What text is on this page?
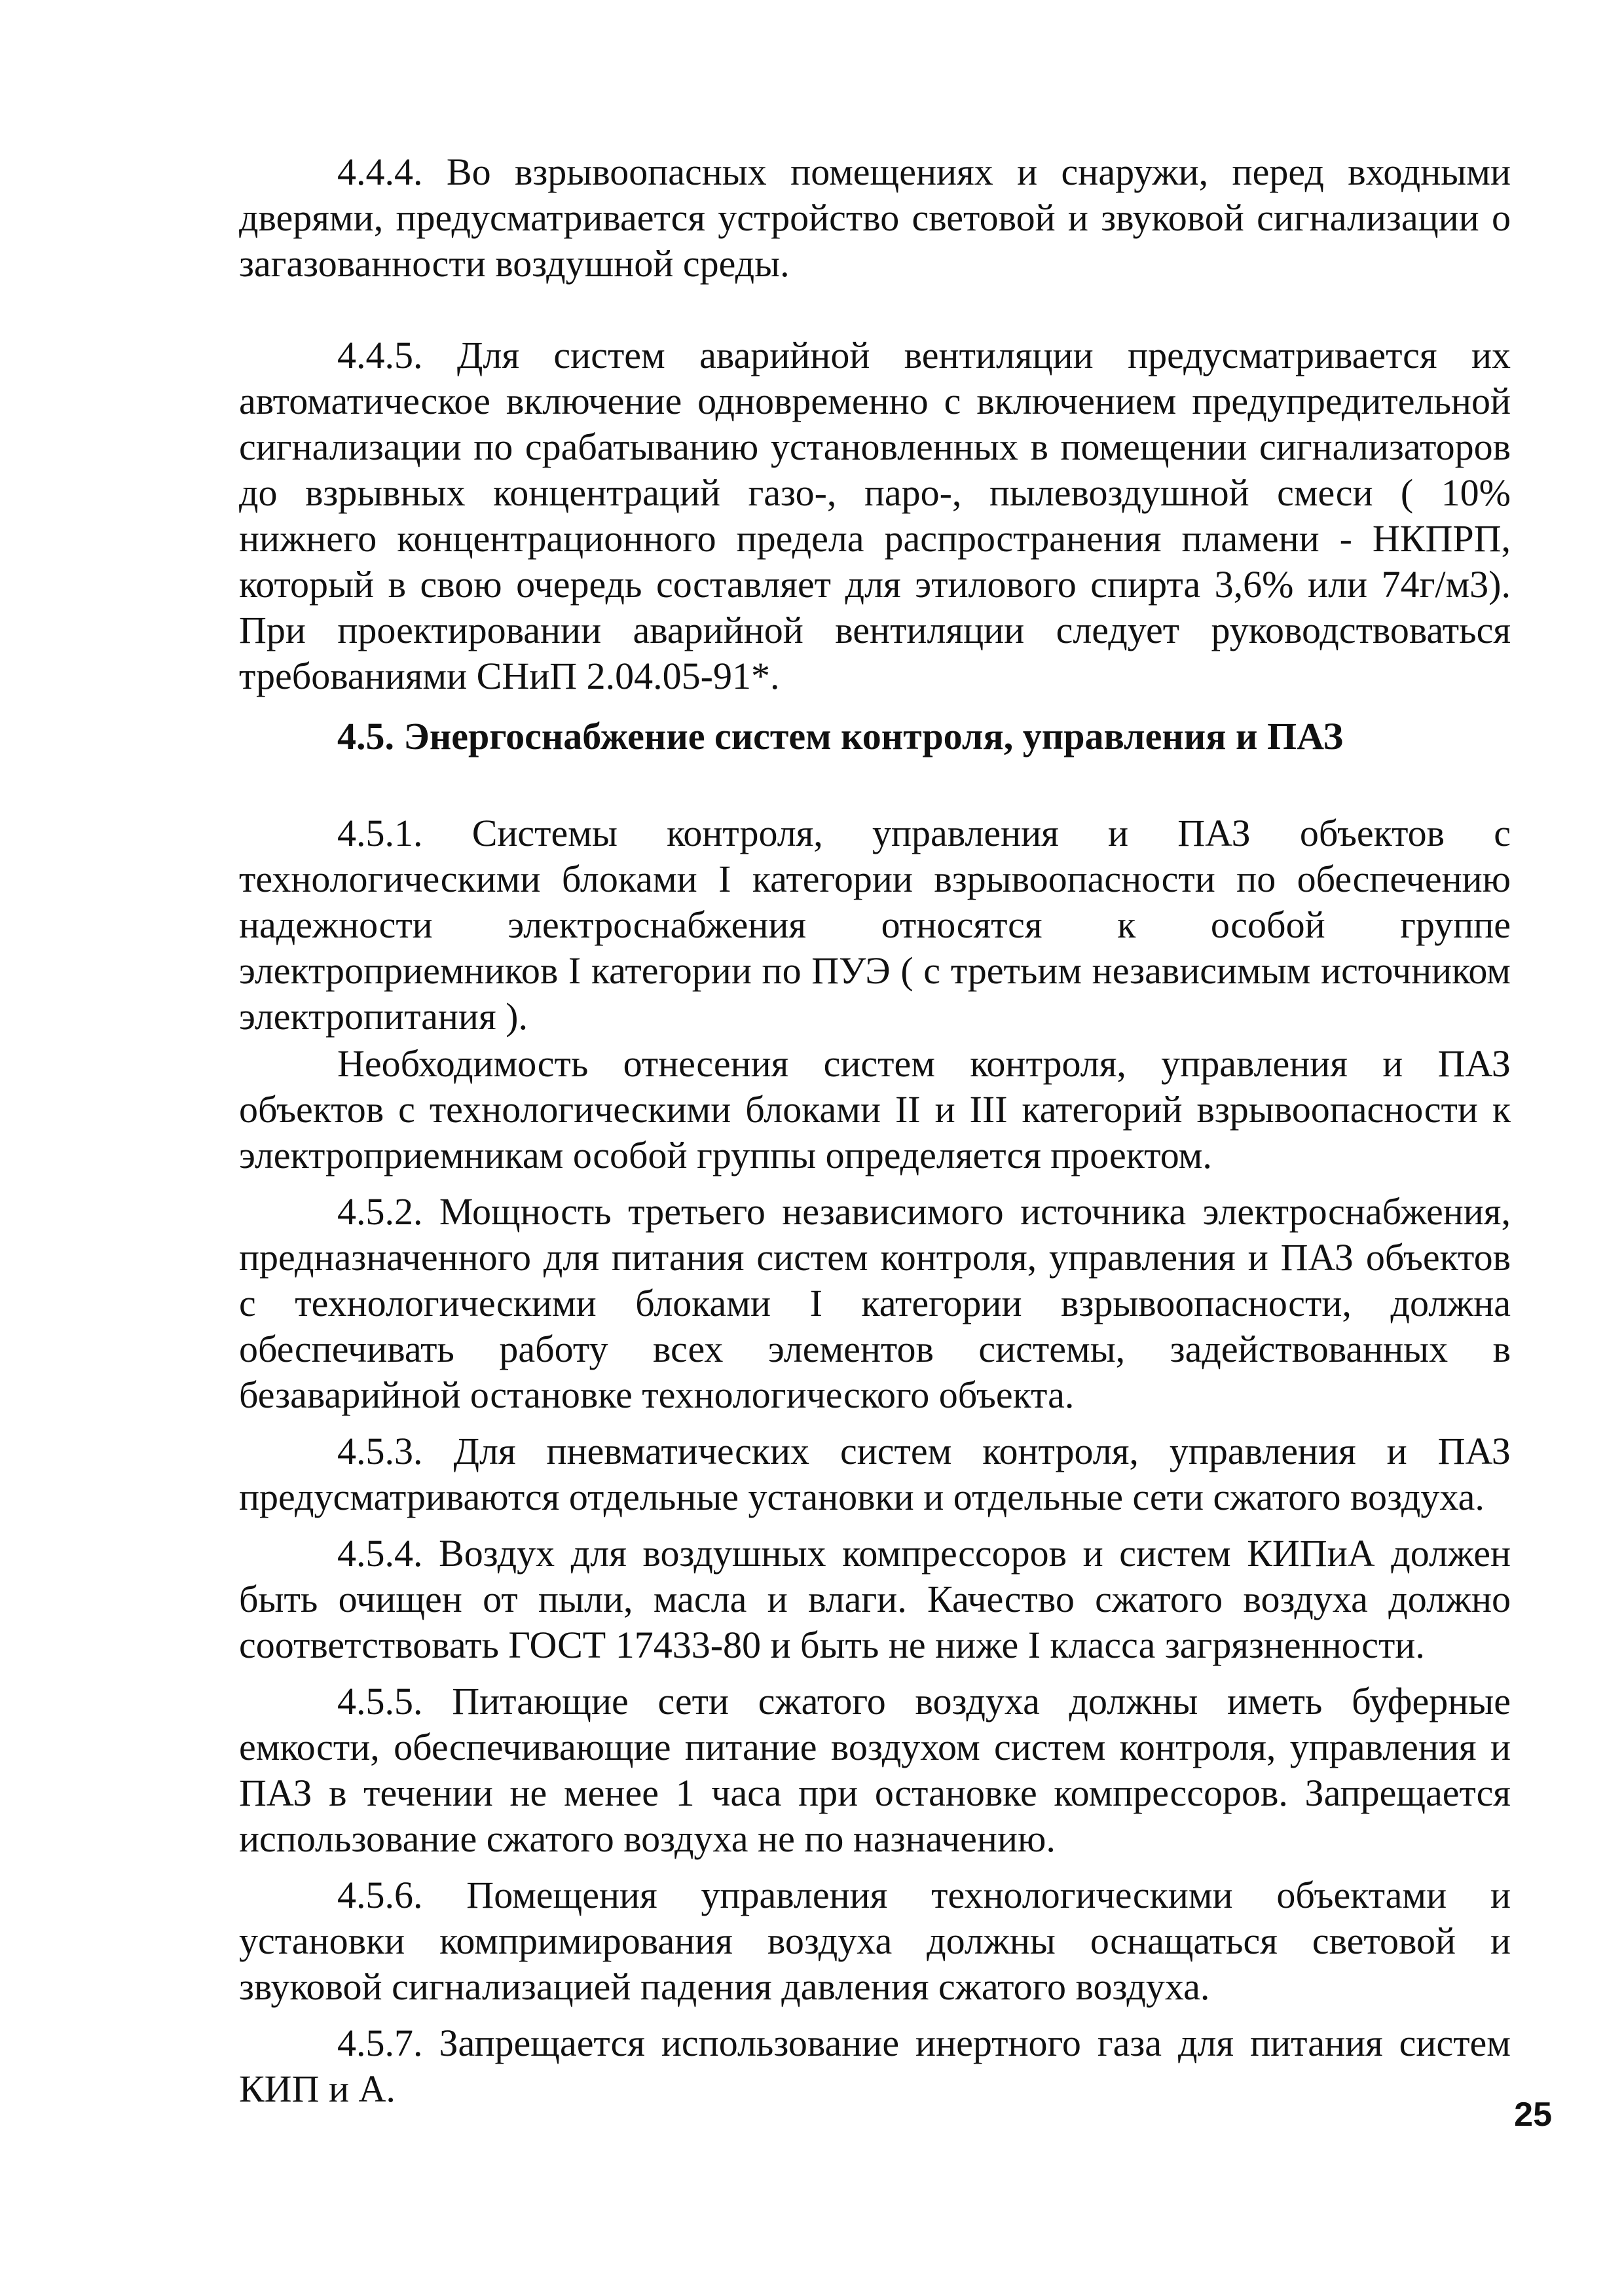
4.4.4. Во взрывоопасных помещениях и снаружи, перед входными дверями, предусматривается устройство световой и звуковой сигнализации о загазованности воздушной среды.

4.4.5. Для систем аварийной вентиляции предусматривается их автоматическое включение одновременно с включением предупредительной сигнализации по срабатыванию установленных в помещении сигнализаторов до взрывных концентраций газо-, паро-, пылевоздушной смеси ( 10% нижнего концентрационного предела распространения пламени - НКПРП, который в свою очередь составляет для этилового спирта 3,6% или 74г/м3). При проектировании аварийной вентиляции следует руководствоваться требованиями СНиП 2.04.05-91*.

4.5. Энергоснабжение систем контроля, управления и ПАЗ

4.5.1. Системы контроля, управления и ПАЗ объектов с технологическими блоками I категории взрывоопасности по обеспечению надежности электроснабжения относятся к особой группе электроприемников I категории по ПУЭ ( с третьим независимым источником электропитания ).

Необходимость отнесения систем контроля, управления и ПАЗ объектов с технологическими блоками II и III категорий взрывоопасности к электроприемникам особой группы определяется проектом.

4.5.2. Мощность третьего независимого источника электроснабжения, предназначенного для питания систем контроля, управления и ПАЗ объектов с технологическими блоками I категории взрывоопасности, должна обеспечивать работу всех элементов системы, задействованных в безаварийной остановке технологического объекта.

4.5.3. Для пневматических систем контроля, управления и ПАЗ предусматриваются отдельные установки и отдельные сети сжатого воздуха.

4.5.4. Воздух для воздушных компрессоров и систем КИПиА должен быть очищен от пыли, масла и влаги. Качество сжатого воздуха должно соответствовать ГОСТ 17433-80 и быть не ниже I класса загрязненности.

4.5.5. Питающие сети сжатого воздуха должны иметь буферные емкости, обеспечивающие питание воздухом систем контроля, управления и ПАЗ в течении не менее 1 часа при остановке компрессоров. Запрещается использование сжатого воздуха не по назначению.

4.5.6. Помещения управления технологическими объектами и установки компримирования воздуха должны оснащаться световой и звуковой сигнализацией падения давления сжатого воздуха.

4.5.7. Запрещается использование инертного газа для питания систем КИП и А.

25
